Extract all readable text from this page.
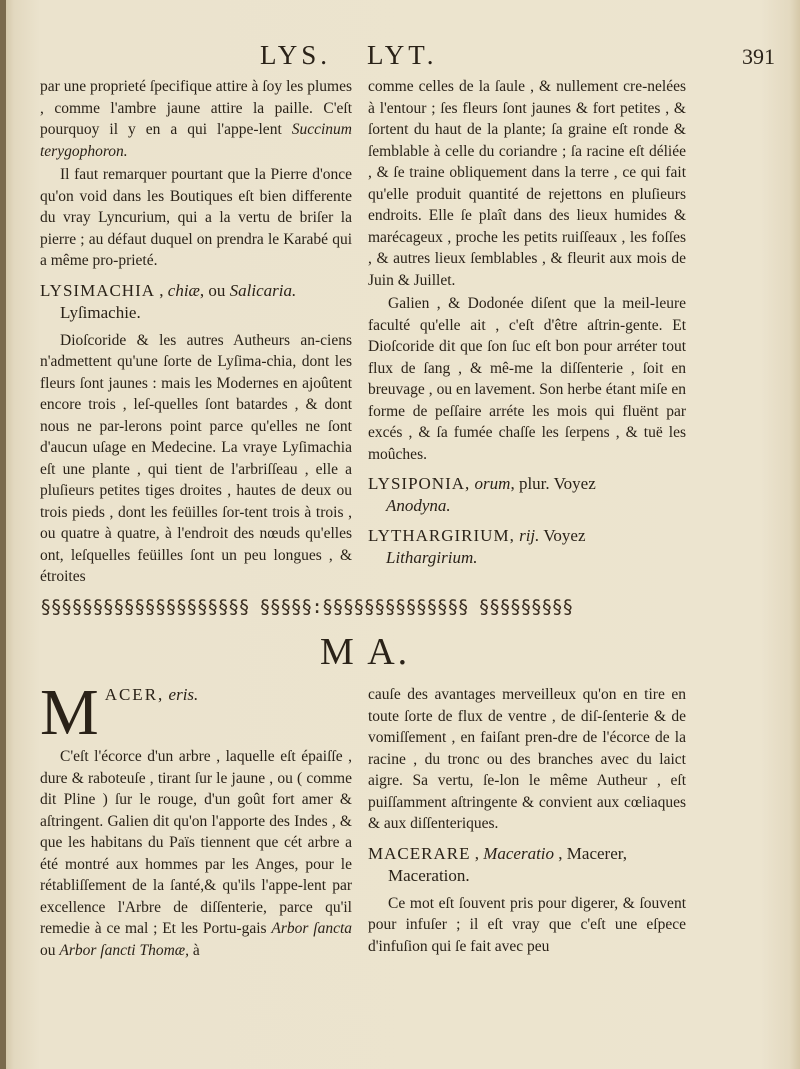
LYS. LYT.	391

par une proprieté ſpecifique attire à ſoy les plumes , comme l'ambre jaune attire la paille. C'eſt pourquoy il y en a qui l'appe-lent Succinum terygophoron.

Il faut remarquer pourtant que la Pierre d'once qu'on void dans les Boutiques eſt bien differente du vray Lyncurium, qui a la vertu de briſer la pierre ; au défaut duquel on prendra le Karabé qui a même pro-prieté.

LYSIMACHIA , chiæ, ou Salicaria.
Lyſimachie.

Dioſcoride & les autres Autheurs an-ciens n'admettent qu'une ſorte de Lyſima-chia, dont les fleurs ſont jaunes : mais les Modernes en ajoûtent encore trois , leſ-quelles ſont batardes , & dont nous ne par-lerons point parce qu'elles ne ſont d'aucun uſage en Medecine. La vraye Lyſimachia eſt une plante , qui tient de l'arbriſſeau , elle a pluſieurs petites tiges droites , hautes de deux ou trois pieds , dont les feüilles ſor-tent trois à trois , ou quatre à quatre, à l'endroit des nœuds qu'elles ont, leſquelles feüilles ſont un peu longues , & étroites

comme celles de la ſaule , & nullement cre-nelées à l'entour ; ſes fleurs ſont jaunes & fort petites , & ſortent du haut de la plante; ſa graine eſt ronde & ſemblable à celle du coriandre ; ſa racine eſt déliée , & ſe traine obliquement dans la terre , ce qui fait qu'elle produit quantité de rejettons en pluſieurs endroits. Elle ſe plaît dans des lieux humides & marécageux , proche les petits ruiſſeaux , les foſſes , & autres lieux ſemblables , & fleurit aux mois de Juin & Juillet.

Galien , & Dodonée diſent que la meil-leure faculté qu'elle ait , c'eſt d'être aſtrin-gente. Et Dioſcoride dit que ſon ſuc eſt bon pour arréter tout flux de ſang , & mê-me la diſſenterie , ſoit en breuvage , ou en lavement. Son herbe étant miſe en forme de peſſaire arréte les mois qui fluënt par excés , & ſa fumée chaſſe les ſerpens , & tuë les moûches.

LYSIPONIA, orum, plur. Voyez
Anodyna.
LYTHARGIRIUM, rij. Voyez
Lithargirium.
§§§§§§§§§§§§§§§§§§§§ §§§§§:§§§§§§§§§§§§§§ §§§§§§§§§
M A.
M ACER, eris.

C'eſt l'écorce d'un arbre , laquelle eſt épaiſſe , dure & raboteuſe , tirant ſur le jaune , ou ( comme dit Pline ) ſur le rouge, d'un goût fort amer & aſtringent. Galien dit qu'on l'apporte des Indes , & que les habitans du Païs tiennent que cét arbre a été montré aux hommes par les Anges, pour le rétabliſſement de la ſanté,& qu'ils l'appe-lent par excellence l'Arbre de diſſenterie, parce qu'il remedie à ce mal ; Et les Portu-gais Arbor ſancta ou Arbor ſancti Thomæ, à

cauſe des avantages merveilleux qu'on en tire en toute ſorte de flux de ventre , de diſ-ſenterie & de vomiſſement , en faiſant pren-dre de l'écorce de la racine , du tronc ou des branches avec du laict aigre. Sa vertu, ſe-lon le même Autheur , eſt puiſſamment aſtringente & convient aux cœliaques & aux diſſenteriques.

MACERARE , Maceratio , Macerer,
Maceration.

Ce mot eſt ſouvent pris pour digerer, & ſouvent pour infuſer ; il eſt vray que c'eſt une eſpece d'infuſion qui ſe fait avec peu
